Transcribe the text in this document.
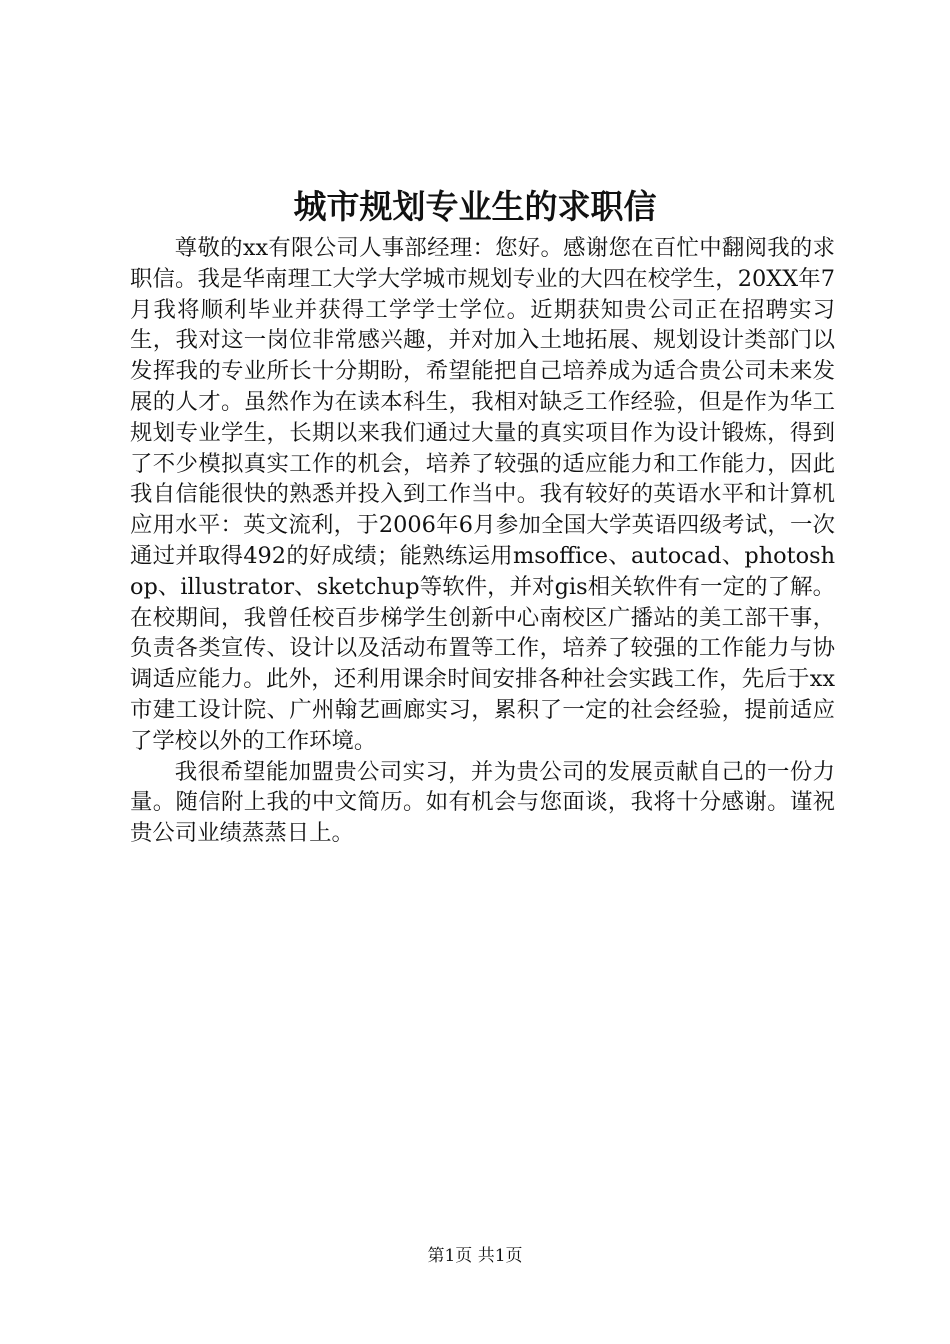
城市规划专业生的求职信

尊敬的xx有限公司人事部经理：您好。感谢您在百忙中翻阅我的求职信。我是华南理工大学大学城市规划专业的大四在校学生，20XX年7月我将顺利毕业并获得工学学士学位。近期获知贵公司正在招聘实习生，我对这一岗位非常感兴趣，并对加入土地拓展、规划设计类部门以发挥我的专业所长十分期盼，希望能把自己培养成为适合贵公司未来发展的人才。虽然作为在读本科生，我相对缺乏工作经验，但是作为华工规划专业学生，长期以来我们通过大量的真实项目作为设计锻炼，得到了不少模拟真实工作的机会，培养了较强的适应能力和工作能力，因此我自信能很快的熟悉并投入到工作当中。我有较好的英语水平和计算机应用水平：英文流利，于2006年6月参加全国大学英语四级考试，一次通过并取得492的好成绩；能熟练运用msoffice、autocad、photoshop、illustrator、sketchup等软件，并对gis相关软件有一定的了解。在校期间，我曾任校百步梯学生创新中心南校区广播站的美工部干事，负责各类宣传、设计以及活动布置等工作，培养了较强的工作能力与协调适应能力。此外，还利用课余时间安排各种社会实践工作，先后于xx市建工设计院、广州翰艺画廊实习，累积了一定的社会经验，提前适应了学校以外的工作环境。

我很希望能加盟贵公司实习，并为贵公司的发展贡献自己的一份力量。随信附上我的中文简历。如有机会与您面谈，我将十分感谢。谨祝贵公司业绩蒸蒸日上。

第1页 共1页
